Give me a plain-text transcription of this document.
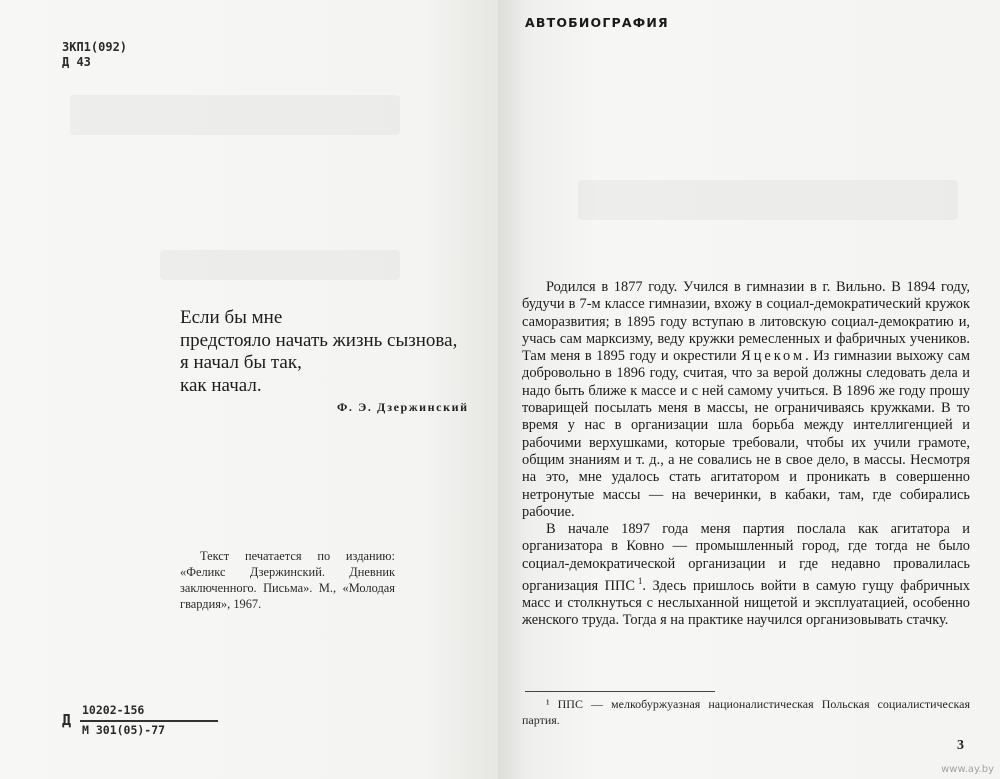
ЗКП1(092)
Д 43
Если бы мне
предстояло начать жизнь сызнова,
я начал бы так,
как начал.
Ф. Э. Дзержинский
Текст печатается по изданию: «Феликс Дзержинский. Дневник заключенного. Письма». М., «Молодая гвардия», 1967.
Д
10202-156
М 301(05)-77
АВТОБИОГРАФИЯ

Родился в 1877 году. Учился в гимназии в г. Вильно. В 1894 году, будучи в 7-м классе гимназии, вхожу в социал-демократический кружок саморазвития; в 1895 году вступаю в литовскую социал-демократию и, учась сам марксизму, веду кружки ремесленных и фабричных учеников. Там меня в 1895 году и окрестили Яцеком. Из гимназии выхожу сам добровольно в 1896 году, считая, что за верой должны следовать дела и надо быть ближе к массе и с ней самому учиться. В 1896 же году прошу товарищей посылать меня в массы, не ограничиваясь кружками. В то время у нас в организации шла борьба между интеллигенцией и рабочими верхушками, которые требовали, чтобы их учили грамоте, общим знаниям и т. д., а не совались не в свое дело, в массы. Несмотря на это, мне удалось стать агитатором и проникать в совершенно нетронутые массы — на вечеринки, в кабаки, там, где собирались рабочие.

В начале 1897 года меня партия послала как агитатора и организатора в Ковно — промышленный город, где тогда не было социал-демократической организации и где недавно провалилась организация ППС  $^1$. Здесь пришлось войти в самую гущу фабричных масс и столкнуться с неслыханной нищетой и эксплуатацией, особенно женского труда. Тогда я на практике научился организовывать стачку.

¹ ППС — мелкобуржуазная националистическая Польская социалистическая партия.
3
www.ay.by
